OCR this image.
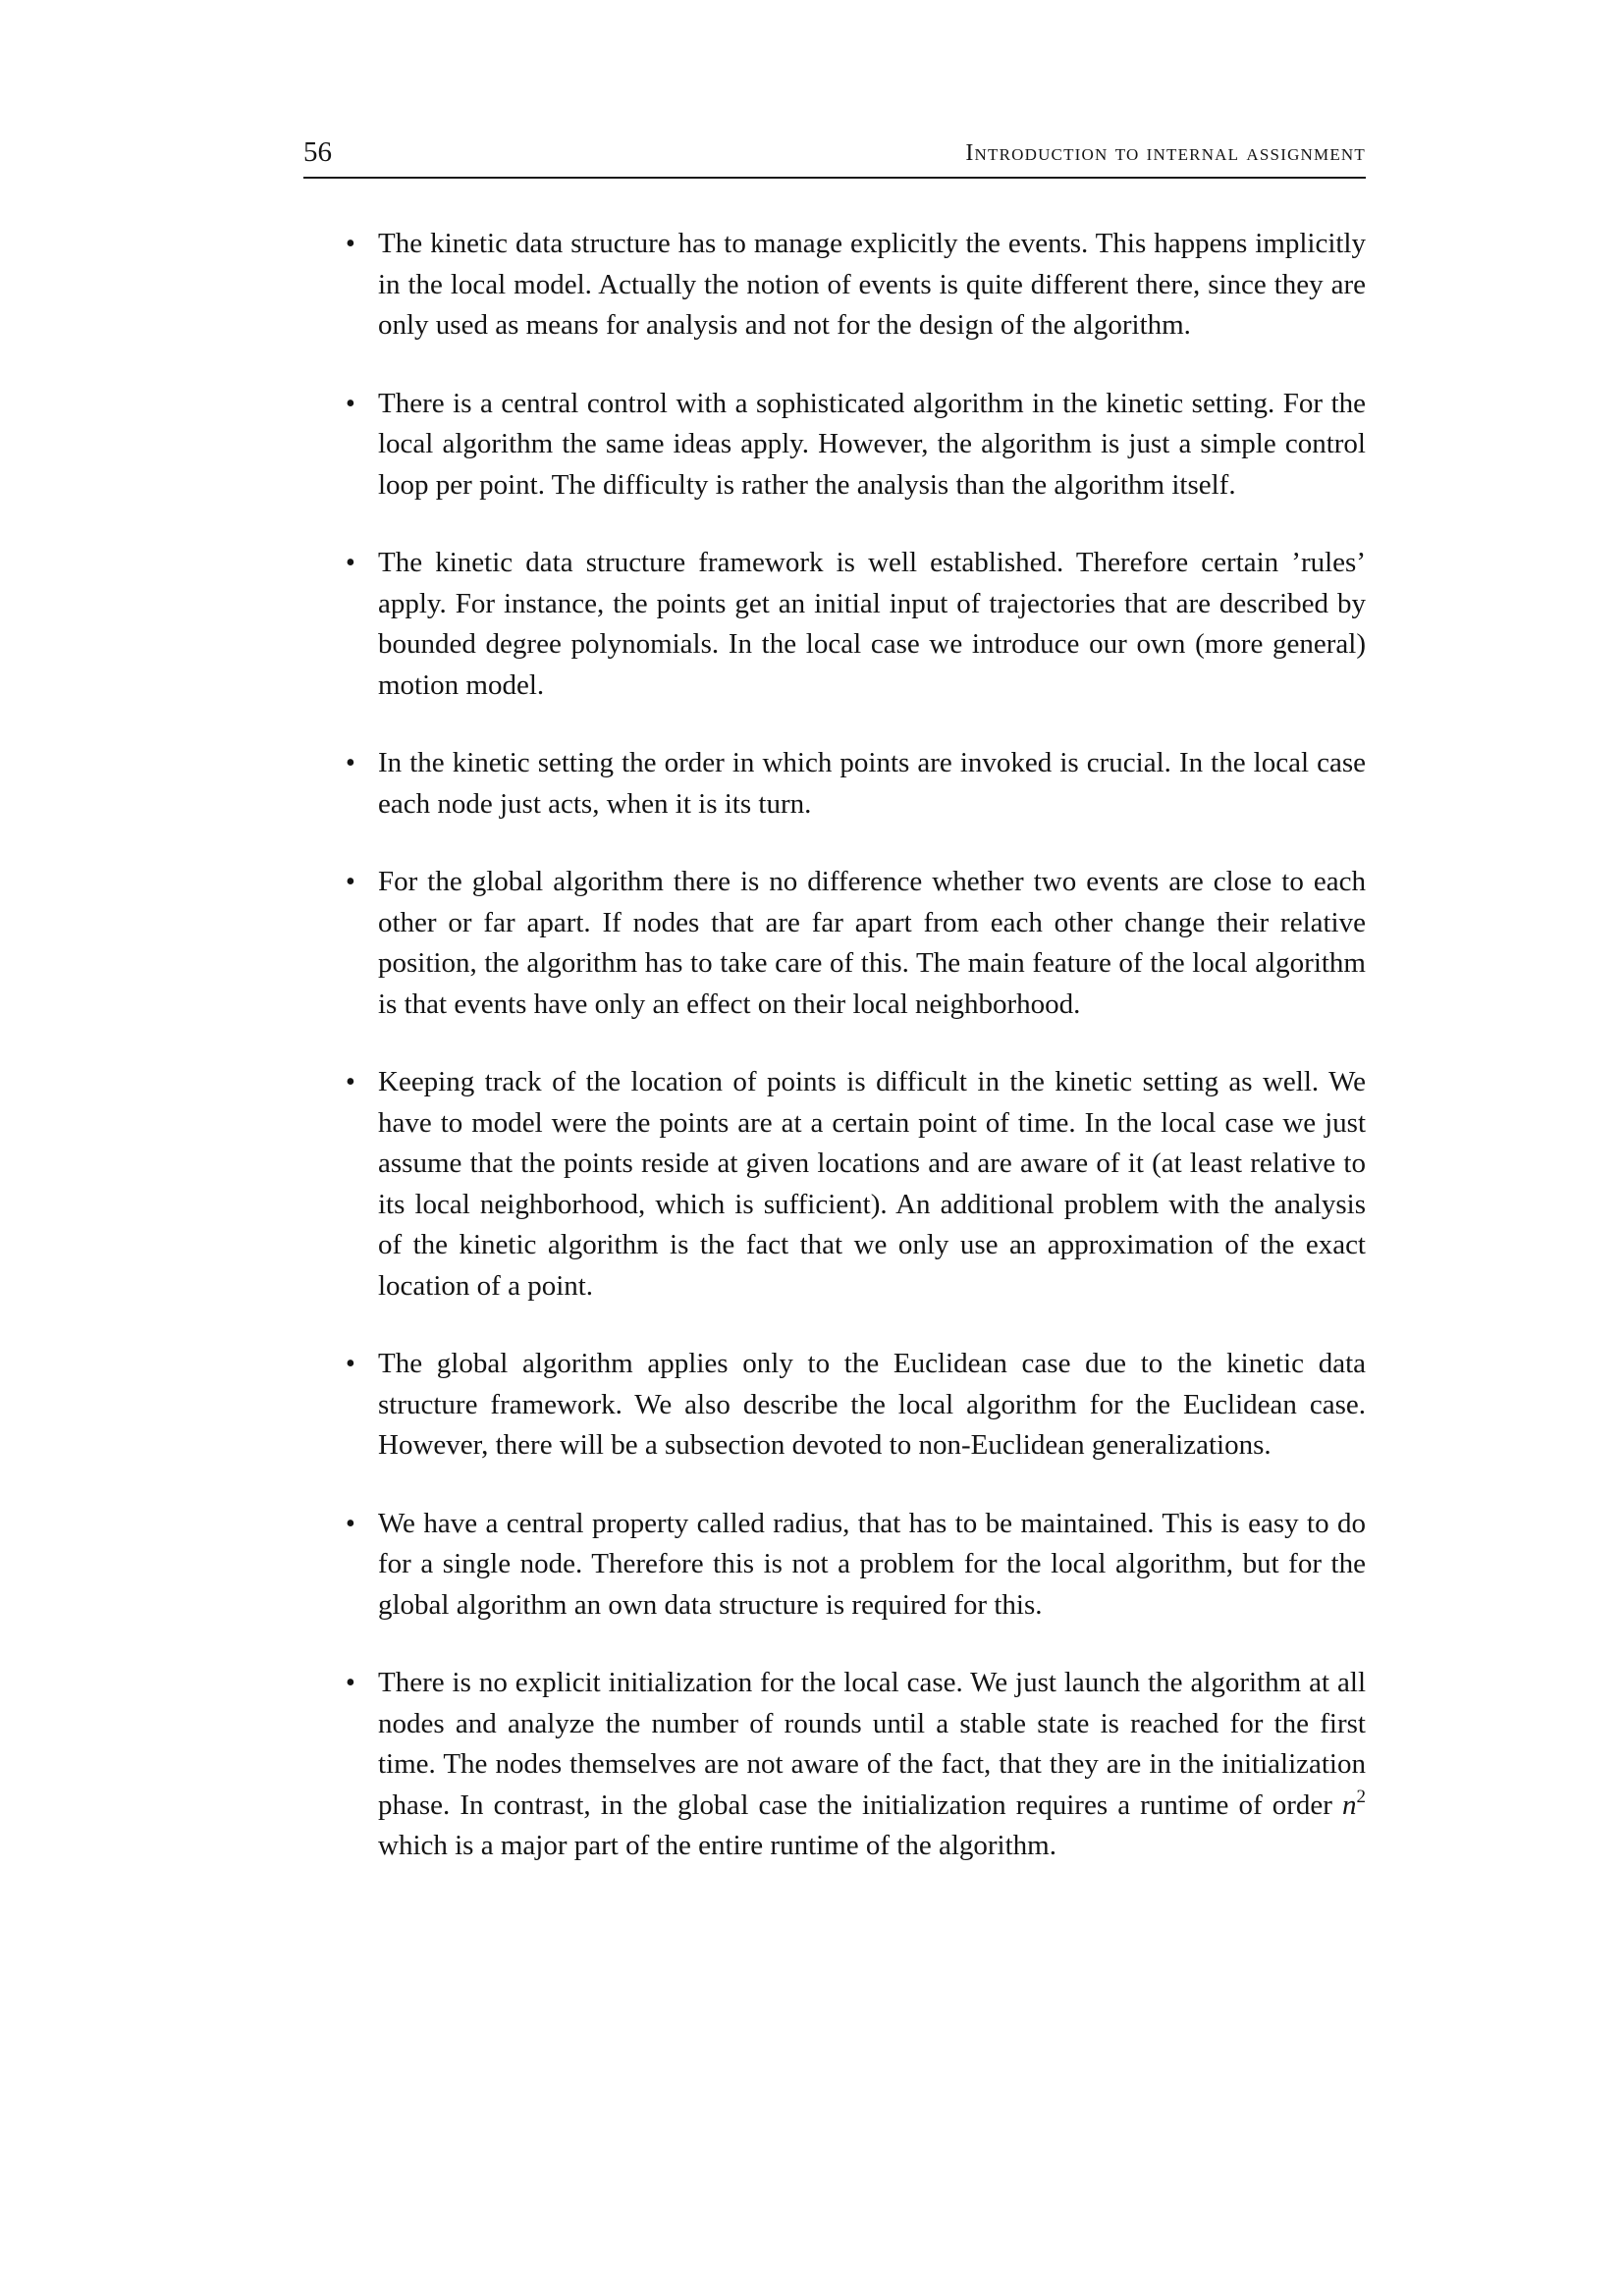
56	Introduction to internal assignment
• The kinetic data structure has to manage explicitly the events. This happens implicitly in the local model. Actually the notion of events is quite different there, since they are only used as means for analysis and not for the design of the algorithm.
• There is a central control with a sophisticated algorithm in the kinetic setting. For the local algorithm the same ideas apply. However, the algorithm is just a simple control loop per point. The difficulty is rather the analysis than the algorithm itself.
• The kinetic data structure framework is well established. Therefore certain ’rules’ apply. For instance, the points get an initial input of trajectories that are described by bounded degree polynomials. In the local case we introduce our own (more general) motion model.
• In the kinetic setting the order in which points are invoked is crucial. In the local case each node just acts, when it is its turn.
• For the global algorithm there is no difference whether two events are close to each other or far apart. If nodes that are far apart from each other change their relative position, the algorithm has to take care of this. The main feature of the local algorithm is that events have only an effect on their local neighborhood.
• Keeping track of the location of points is difficult in the kinetic setting as well. We have to model were the points are at a certain point of time. In the local case we just assume that the points reside at given locations and are aware of it (at least relative to its local neighborhood, which is sufficient). An additional problem with the analysis of the kinetic algorithm is the fact that we only use an approximation of the exact location of a point.
• The global algorithm applies only to the Euclidean case due to the kinetic data structure framework. We also describe the local algorithm for the Euclidean case. However, there will be a subsection devoted to non-Euclidean generalizations.
• We have a central property called radius, that has to be maintained. This is easy to do for a single node. Therefore this is not a problem for the local algorithm, but for the global algorithm an own data structure is required for this.
• There is no explicit initialization for the local case. We just launch the algorithm at all nodes and analyze the number of rounds until a stable state is reached for the first time. The nodes themselves are not aware of the fact, that they are in the initialization phase. In contrast, in the global case the initialization requires a runtime of order $n^2$ which is a major part of the entire runtime of the algorithm.
